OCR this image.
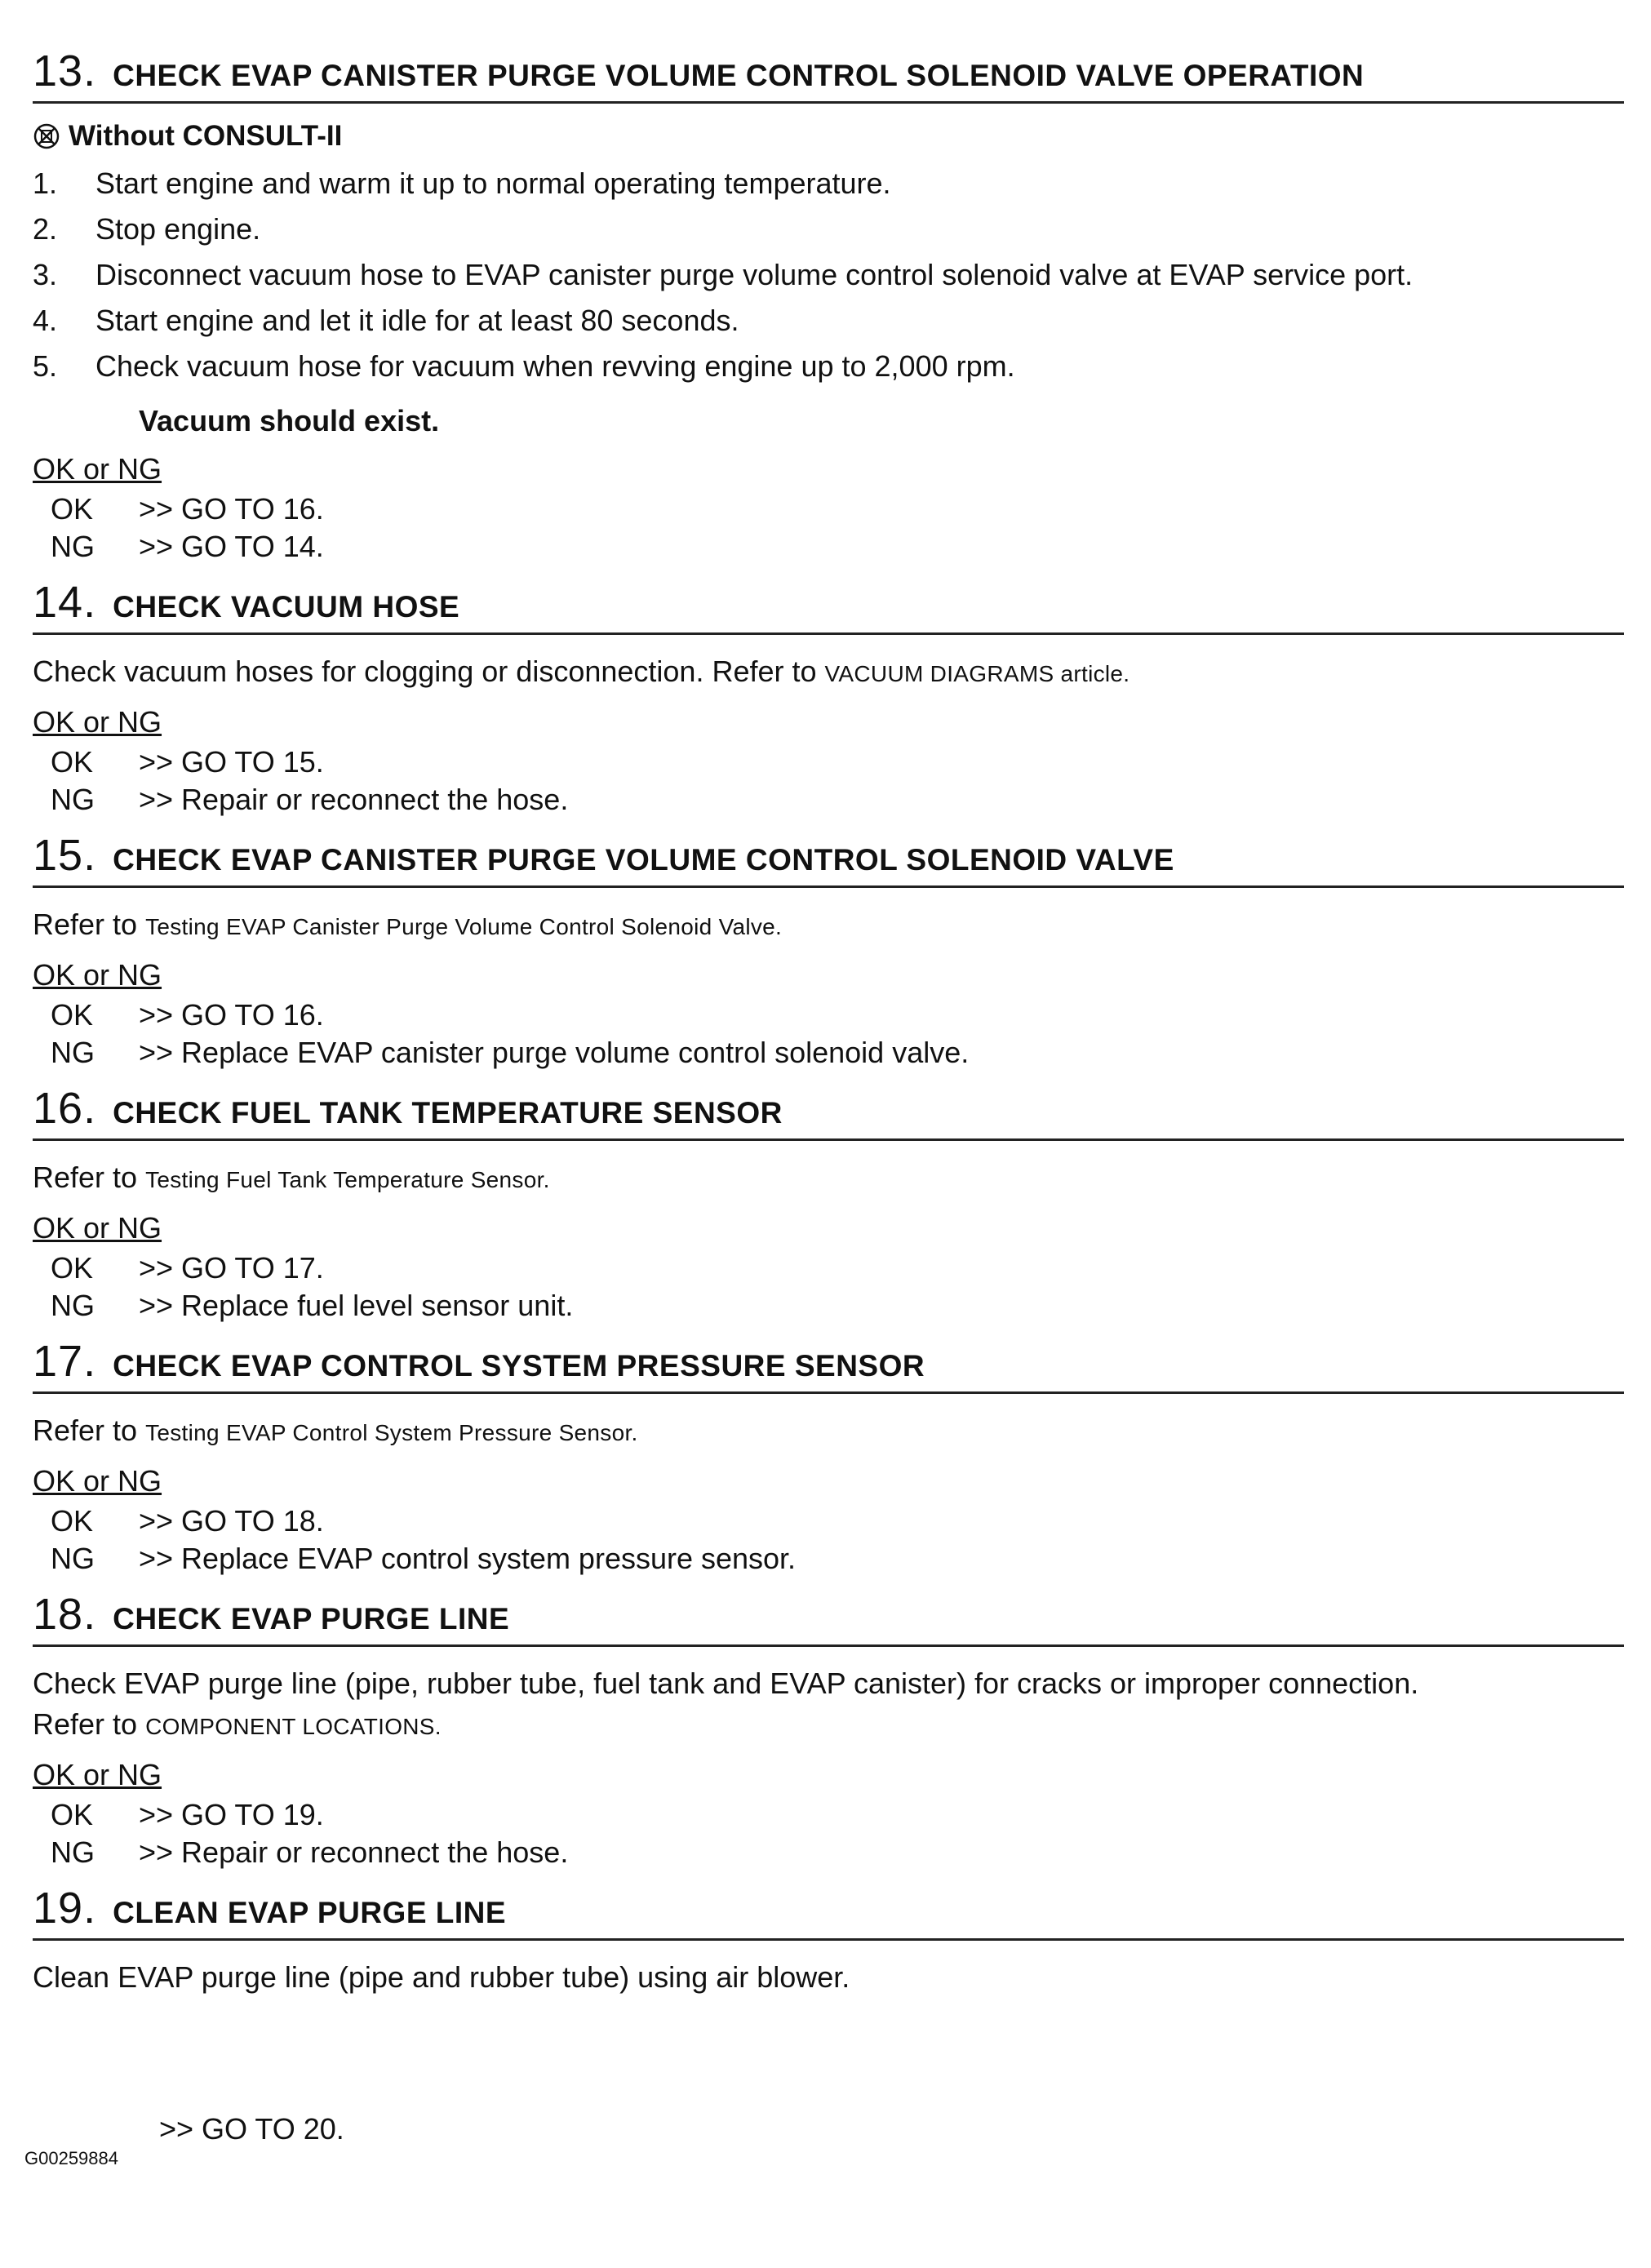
13 . CHECK EVAP CANISTER PURGE VOLUME CONTROL SOLENOID VALVE OPERATION
Without CONSULT-II
1.	Start engine and warm it up to normal operating temperature.
2.	Stop engine.
3.	Disconnect vacuum hose to EVAP canister purge volume control solenoid valve at EVAP service port.
4.	Start engine and let it idle for at least 80 seconds.
5.	Check vacuum hose for vacuum when revving engine up to 2,000 rpm.
Vacuum should exist.
OK or NG
OK	>> GO TO 16.
NG	>> GO TO 14.
14 . CHECK VACUUM HOSE
Check vacuum hoses for clogging or disconnection. Refer to VACUUM DIAGRAMS article.
OK or NG
OK	>> GO TO 15.
NG	>> Repair or reconnect the hose.
15 . CHECK EVAP CANISTER PURGE VOLUME CONTROL SOLENOID VALVE
Refer to Testing EVAP Canister Purge Volume Control Solenoid Valve.
OK or NG
OK	>> GO TO 16.
NG	>> Replace EVAP canister purge volume control solenoid valve.
16 . CHECK FUEL TANK TEMPERATURE SENSOR
Refer to Testing Fuel Tank Temperature Sensor.
OK or NG
OK	>> GO TO 17.
NG	>> Replace fuel level sensor unit.
17 . CHECK EVAP CONTROL SYSTEM PRESSURE SENSOR
Refer to Testing EVAP Control System Pressure Sensor.
OK or NG
OK	>> GO TO 18.
NG	>> Replace EVAP control system pressure sensor.
18 . CHECK EVAP PURGE LINE
Check EVAP purge line (pipe, rubber tube, fuel tank and EVAP canister) for cracks or improper connection.
Refer to COMPONENT LOCATIONS.
OK or NG
OK	>> GO TO 19.
NG	>> Repair or reconnect the hose.
19 . CLEAN EVAP PURGE LINE
Clean EVAP purge line (pipe and rubber tube) using air blower.
>> GO TO 20.
G00259884
